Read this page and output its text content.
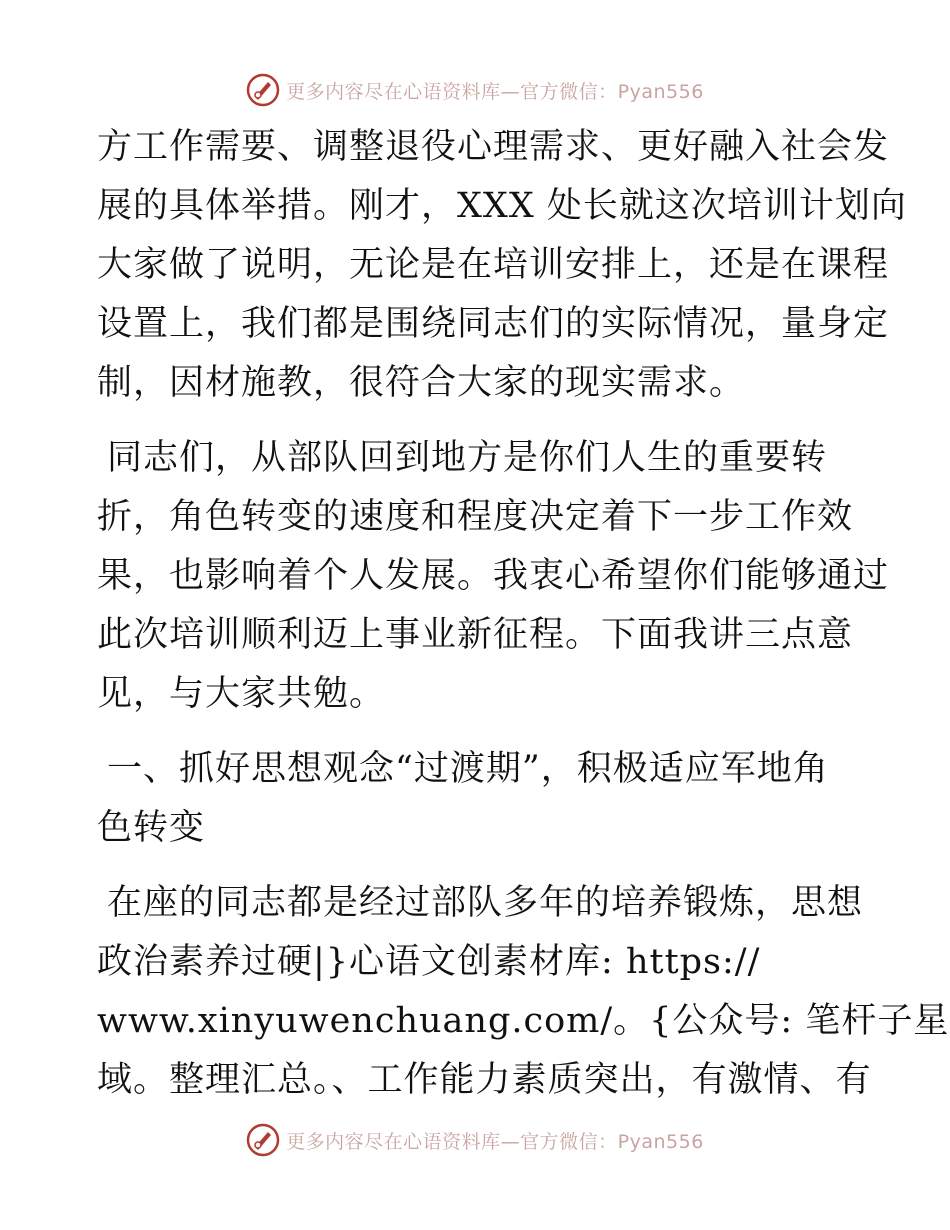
更多内容尽在心语资料库—官方微信：Pyan556
方工作需要、调整退役心理需求、更好融入社会发
展的具体举措。刚才，XXX 处长就这次培训计划向
大家做了说明，无论是在培训安排上，还是在课程
设置上，我们都是围绕同志们的实际情况，量身定
制，因材施教，很符合大家的现实需求。
同志们，从部队回到地方是你们人生的重要转
折，角色转变的速度和程度决定着下一步工作效
果，也影响着个人发展。我衷心希望你们能够通过
此次培训顺利迈上事业新征程。下面我讲三点意
见，与大家共勉。
一、抓好思想观念“过渡期”，积极适应军地角
色转变
在座的同志都是经过部队多年的培养锻炼，思想
政治素养过硬|}心语文创素材库: https://
www.xinyuwenchuang.com/。{公众号: 笔杆子星
域。整理汇总。、工作能力素质突出，有激情、有
更多内容尽在心语资料库—官方微信：Pyan556
